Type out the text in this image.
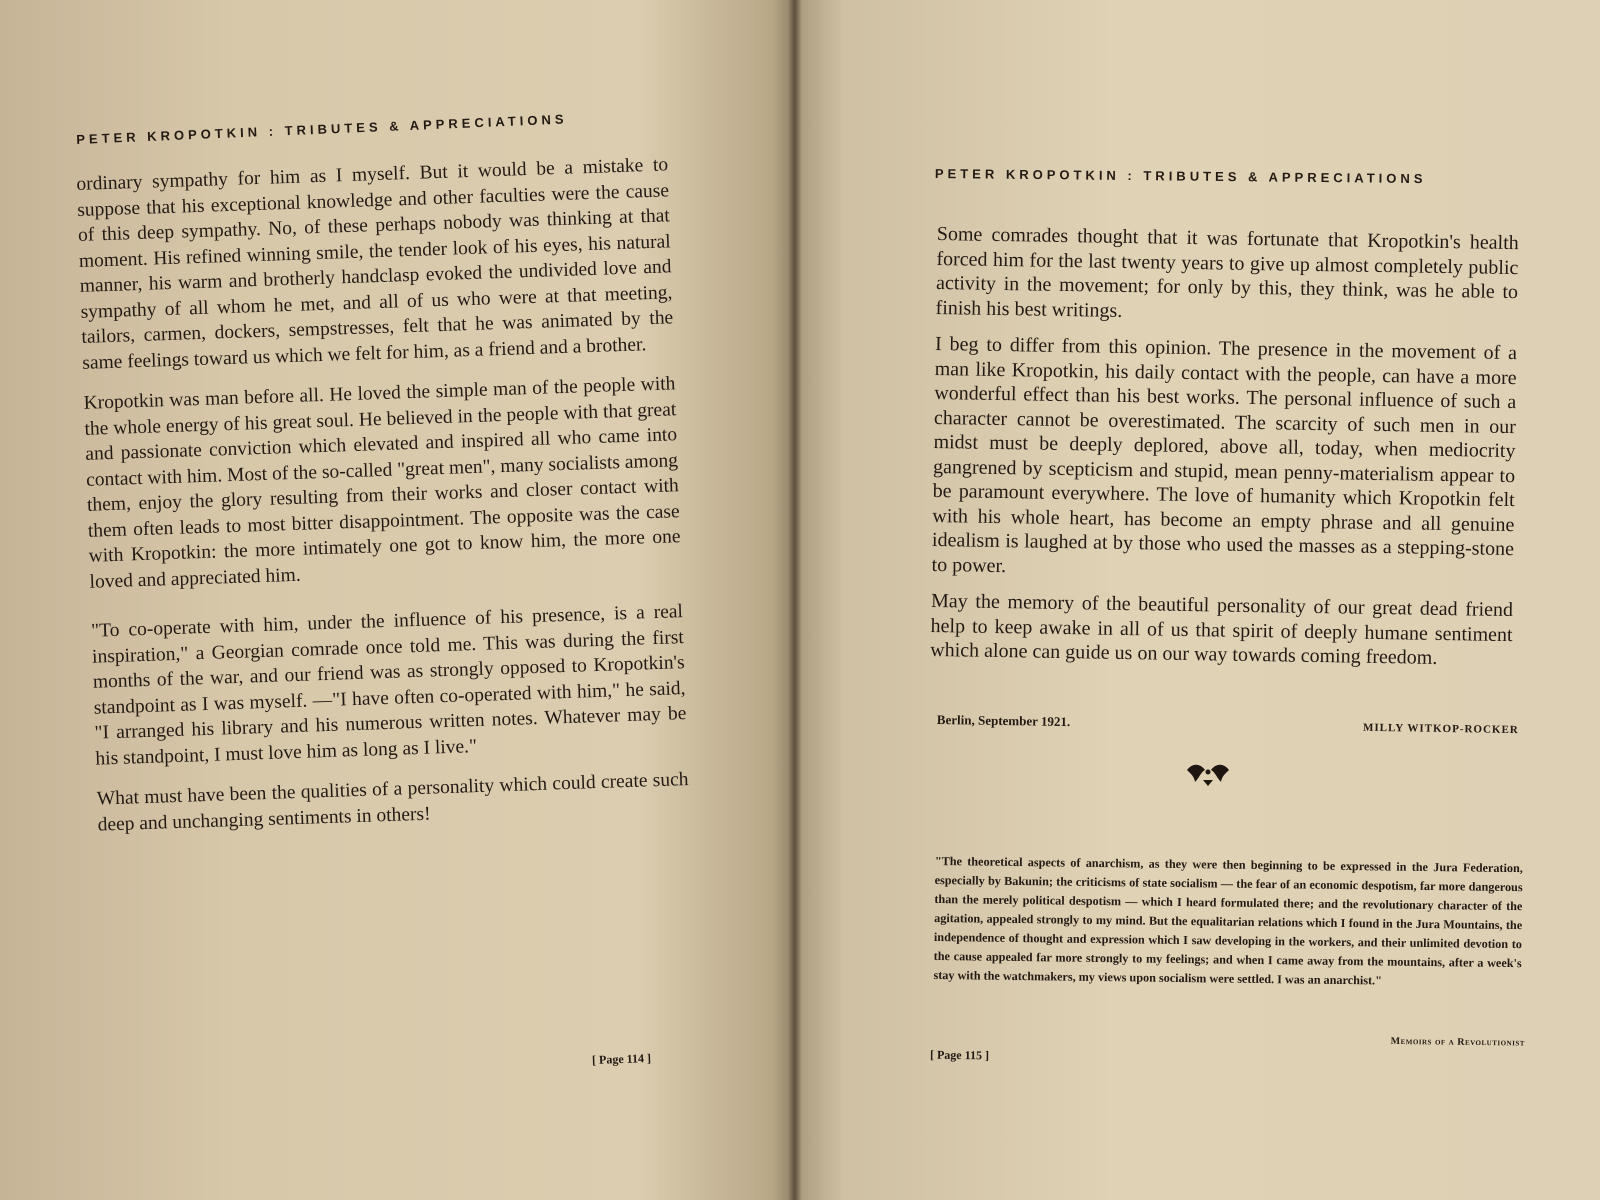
PETER KROPOTKIN : TRIBUTES & APPRECIATIONS

ordinary sympathy for him as I myself. But it would be a mistake to suppose that his exceptional knowledge and other faculties were the cause of this deep sympathy. No, of these perhaps nobody was thinking at that moment. His refined winning smile, the tender look of his eyes, his natural manner, his warm and brotherly handclasp evoked the undivided love and sympathy of all whom he met, and all of us who were at that meeting, tailors, carmen, dockers, sempstresses, felt that he was animated by the same feelings toward us which we felt for him, as a friend and a brother.

Kropotkin was man before all. He loved the simple man of the people with the whole energy of his great soul. He believed in the people with that great and passionate conviction which elevated and inspired all who came into contact with him. Most of the so-called "great men", many socialists among them, enjoy the glory resulting from their works and closer contact with them often leads to most bitter disappointment. The opposite was the case with Kropotkin: the more intimately one got to know him, the more one loved and appreciated him.

"To co-operate with him, under the influence of his presence, is a real inspiration," a Georgian comrade once told me. This was during the first months of the war, and our friend was as strongly opposed to Kropotkin's standpoint as I was myself. —"I have often co-operated with him," he said, "I arranged his library and his numerous written notes. Whatever may be his standpoint, I must love him as long as I live."

What must have been the qualities of a personality which could create such deep and unchanging sentiments in others!

[ Page 114 ]
PETER KROPOTKIN : TRIBUTES & APPRECIATIONS

Some comrades thought that it was fortunate that Kropotkin's health forced him for the last twenty years to give up almost completely public activity in the movement; for only by this, they think, was he able to finish his best writings.

I beg to differ from this opinion. The presence in the movement of a man like Kropotkin, his daily contact with the people, can have a more wonderful effect than his best works. The personal influence of such a character cannot be overestimated. The scarcity of such men in our midst must be deeply deplored, above all, today, when mediocrity gangrened by scepticism and stupid, mean penny-materialism appear to be paramount everywhere. The love of humanity which Kropotkin felt with his whole heart, has become an empty phrase and all genuine idealism is laughed at by those who used the masses as a stepping-stone to power.

May the memory of the beautiful personality of our great dead friend help to keep awake in all of us that spirit of deeply humane sentiment which alone can guide us on our way towards coming freedom.

Berlin, September 1921.	MILLY WITKOP-ROCKER
"The theoretical aspects of anarchism, as they were then beginning to be expressed in the Jura Federation, especially by Bakunin; the criticisms of state socialism — the fear of an economic despotism, far more dangerous than the merely political despotism — which I heard formulated there; and the revolutionary character of the agitation, appealed strongly to my mind. But the equalitarian relations which I found in the Jura Mountains, the independence of thought and expression which I saw developing in the workers, and their unlimited devotion to the cause appealed far more strongly to my feelings; and when I came away from the mountains, after a week's stay with the watchmakers, my views upon socialism were settled. I was an anarchist."
Memoirs of a Revolutionist
[ Page 115 ]
